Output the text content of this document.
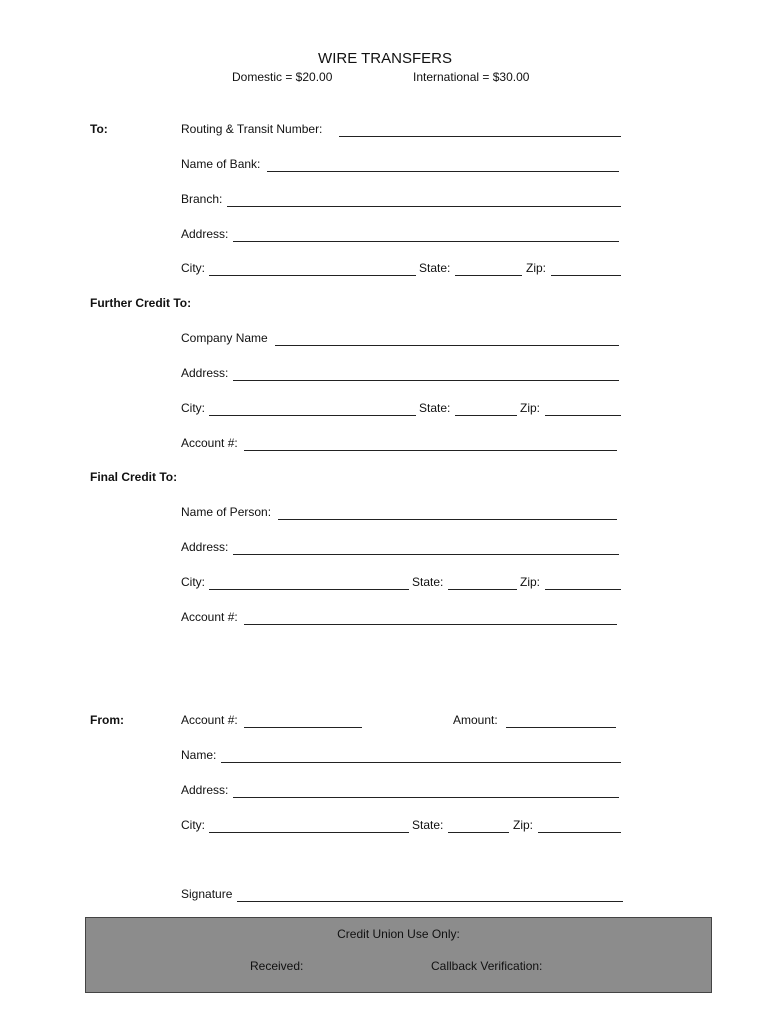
WIRE TRANSFERS
Domestic = $20.00	International = $30.00
To:	Routing & Transit Number:
Name of Bank:
Branch:
Address:
City:	State:	Zip:
Further Credit To:
Company Name
Address:
City:	State:	Zip:
Account #:
Final Credit To:
Name of Person:
Address:
City:	State:	Zip:
Account #:
From:	Account #:	Amount:
Name:
Address:
City:	State:	Zip:
Signature
Credit Union Use Only:
Received:	Callback Verification:
